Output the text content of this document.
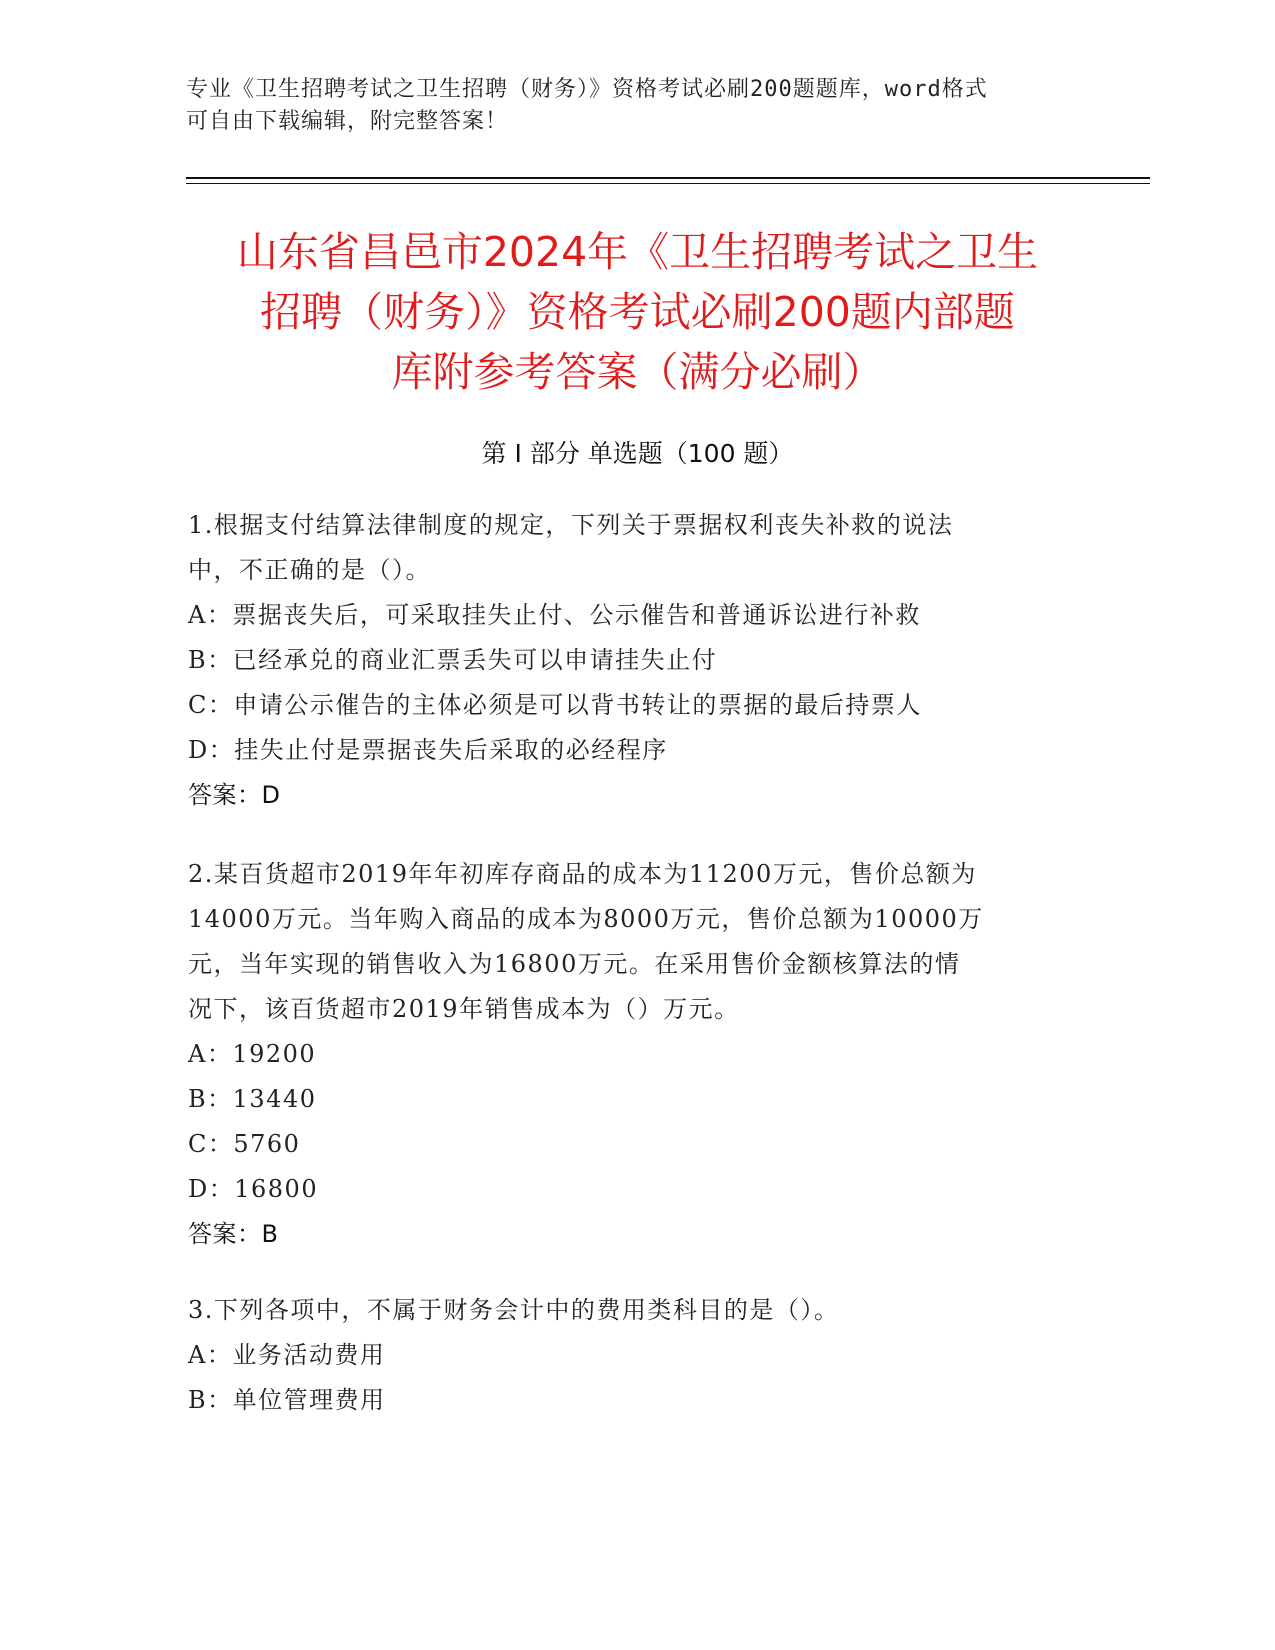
专业《卫生招聘考试之卫生招聘（财务）》资格考试必刷200题题库，word格式
可自由下载编辑，附完整答案！
山东省昌邑市2024年《卫生招聘考试之卫生
招聘（财务）》资格考试必刷200题内部题
库附参考答案（满分必刷）
第 I 部分 单选题（100 题）
1.根据支付结算法律制度的规定，下列关于票据权利丧失补救的说法
中，不正确的是（）。
A：票据丧失后，可采取挂失止付、公示催告和普通诉讼进行补救
B：已经承兑的商业汇票丢失可以申请挂失止付
C：申请公示催告的主体必须是可以背书转让的票据的最后持票人
D：挂失止付是票据丧失后采取的必经程序
答案：D
2.某百货超市2019年年初库存商品的成本为11200万元，售价总额为
14000万元。当年购入商品的成本为8000万元，售价总额为10000万
元，当年实现的销售收入为16800万元。在采用售价金额核算法的情
况下，该百货超市2019年销售成本为（）万元。
A：19200
B：13440
C：5760
D：16800
答案：B
3.下列各项中，不属于财务会计中的费用类科目的是（）。
A：业务活动费用
B：单位管理费用
